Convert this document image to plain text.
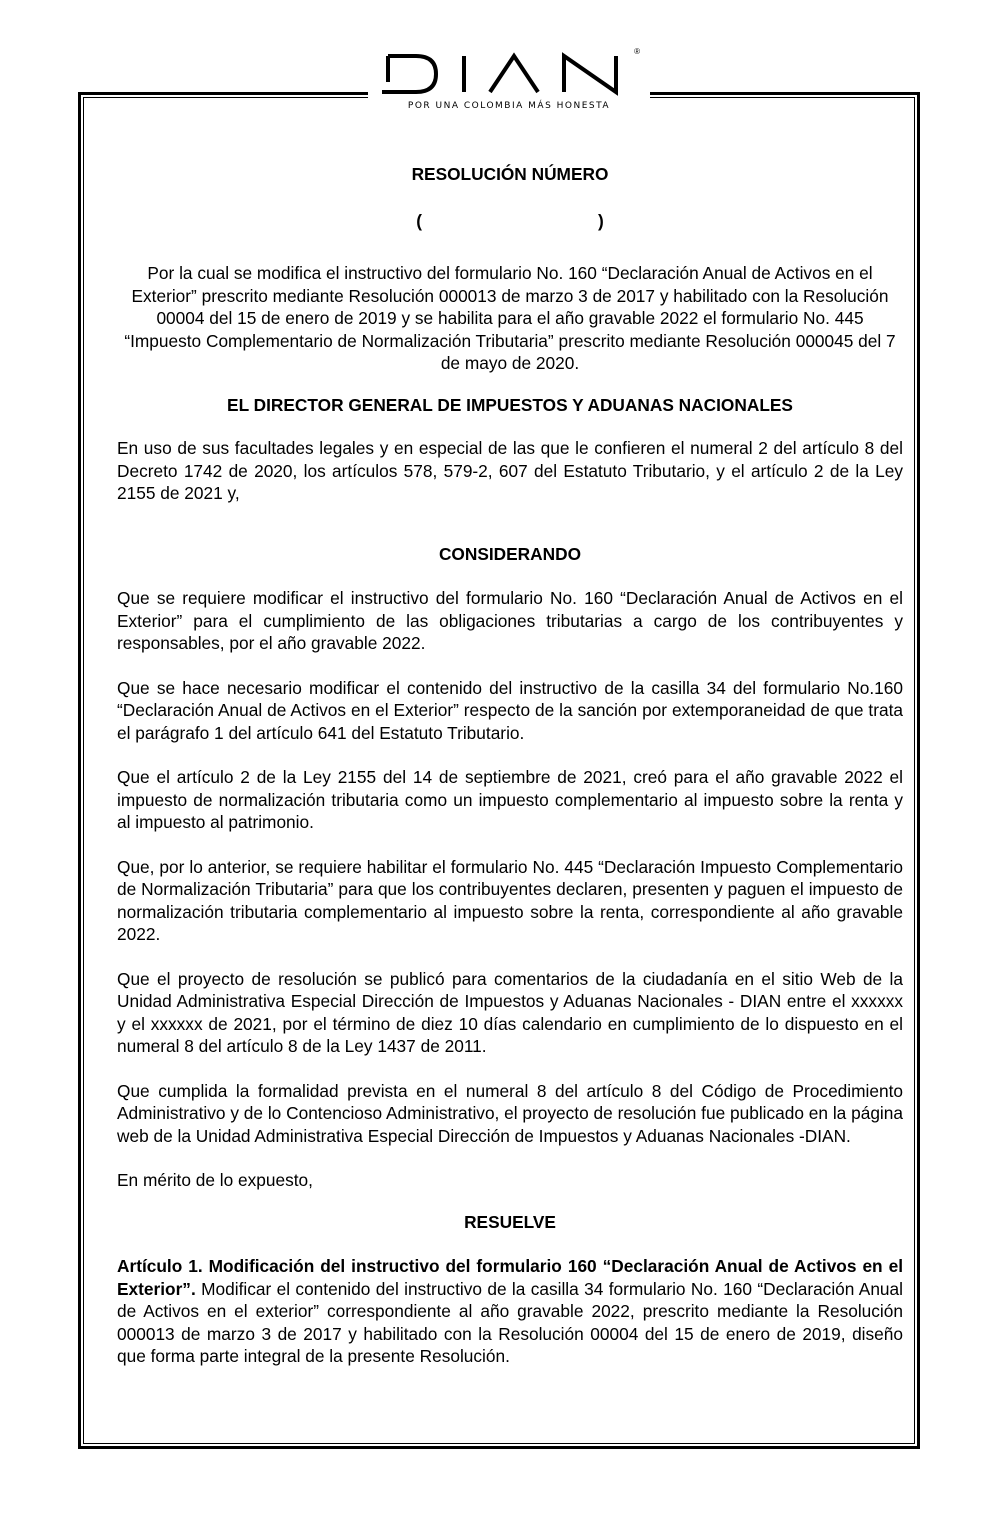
®
POR UNA COLOMBIA MÁS HONESTA
RESOLUCIÓN NÚMERO
(	)

Por la cual se modifica el instructivo del formulario No. 160 “Declaración Anual de Activos en el Exterior” prescrito mediante Resolución 000013 de marzo 3 de 2017 y habilitado con la Resolución 00004 del 15 de enero de 2019 y se habilita para el año gravable 2022 el formulario No. 445 “Impuesto Complementario de Normalización Tributaria” prescrito mediante Resolución 000045 del 7 de mayo de 2020.

EL DIRECTOR GENERAL DE IMPUESTOS Y ADUANAS NACIONALES

En uso de sus facultades legales y en especial de las que le confieren el numeral 2 del artículo 8 del Decreto 1742 de 2020, los artículos 578, 579-2, 607 del Estatuto Tributario, y el artículo 2 de la Ley 2155 de 2021 y,

CONSIDERANDO

Que se requiere modificar el instructivo del formulario No. 160 “Declaración Anual de Activos en el Exterior” para el cumplimiento de las obligaciones tributarias a cargo de los contribuyentes y responsables, por el año gravable 2022.

Que se hace necesario modificar el contenido del instructivo de la casilla 34 del formulario No.160 “Declaración Anual de Activos en el Exterior” respecto de la sanción por extemporaneidad de que trata el parágrafo 1 del artículo 641 del Estatuto Tributario.

Que el artículo 2 de la Ley 2155 del 14 de septiembre de 2021, creó para el año gravable 2022 el impuesto de normalización tributaria como un impuesto complementario al impuesto sobre la renta y al impuesto al patrimonio.

Que, por lo anterior, se requiere habilitar el formulario No. 445 “Declaración Impuesto Complementario de Normalización Tributaria” para que los contribuyentes declaren, presenten y paguen el impuesto de normalización tributaria complementario al impuesto sobre la renta, correspondiente al año gravable 2022.

Que el proyecto de resolución se publicó para comentarios de la ciudadanía en el sitio Web de la Unidad Administrativa Especial Dirección de Impuestos y Aduanas Nacionales - DIAN entre el xxxxxx y el xxxxxx de 2021, por el término de diez 10 días calendario en cumplimiento de lo dispuesto en el numeral 8 del artículo 8 de la Ley 1437 de 2011.

Que cumplida la formalidad prevista en el numeral 8 del artículo 8 del Código de Procedimiento Administrativo y de lo Contencioso Administrativo, el proyecto de resolución fue publicado en la página web de la Unidad Administrativa Especial Dirección de Impuestos y Aduanas Nacionales -DIAN.

En mérito de lo expuesto,

RESUELVE

Artículo 1. Modificación del instructivo del formulario 160 “Declaración Anual de Activos en el Exterior”. Modificar el contenido del instructivo de la casilla 34 formulario No. 160 “Declaración Anual de Activos en el exterior” correspondiente al año gravable 2022, prescrito mediante la Resolución 000013 de marzo 3 de 2017 y habilitado con la Resolución 00004 del 15 de enero de 2019, diseño que forma parte integral de la presente Resolución.
